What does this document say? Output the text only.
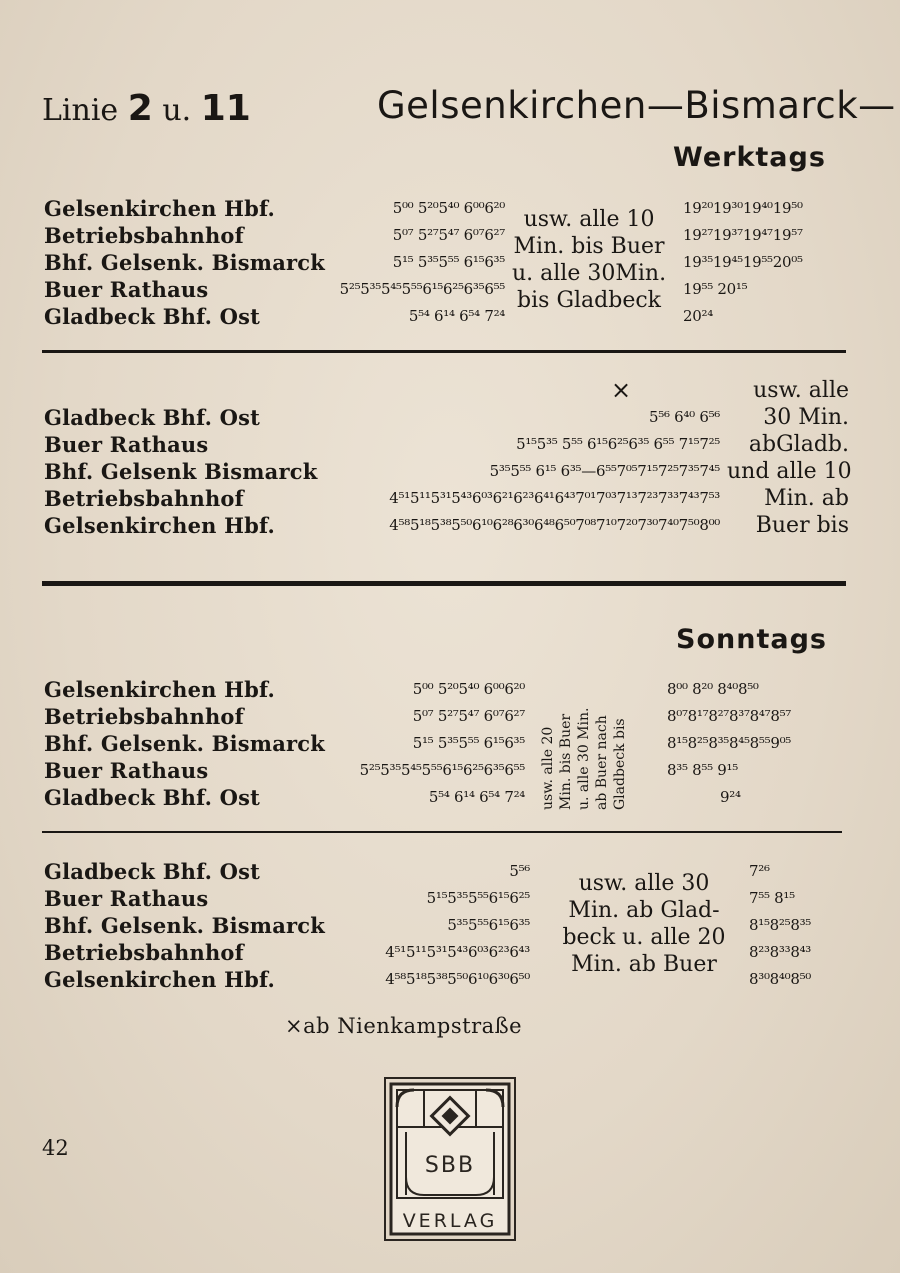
Linie 2 u. 11	Gelsenkirchen—Bismarck—
Werktags
Gelsenkirchen Hbf.
Betriebsbahnhof
Bhf. Gelsenk. Bismarck
Buer Rathaus
Gladbeck Bhf. Ost
5⁰⁰ 5²⁰5⁴⁰ 6⁰⁰6²⁰
5⁰⁷ 5²⁷5⁴⁷ 6⁰⁷6²⁷
5¹⁵ 5³⁵5⁵⁵ 6¹⁵6³⁵
5²⁵5³⁵5⁴⁵5⁵⁵6¹⁵6²⁵6³⁵6⁵⁵
5⁵⁴ 6¹⁴ 6⁵⁴ 7²⁴
usw. alle 10
Min. bis Buer
u. alle 30Min.
bis Gladbeck
19²⁰19³⁰19⁴⁰19⁵⁰
19²⁷19³⁷19⁴⁷19⁵⁷
19³⁵19⁴⁵19⁵⁵20⁰⁵
19⁵⁵ 20¹⁵
20²⁴
×
Gladbeck Bhf. Ost
Buer Rathaus
Bhf. Gelsenk Bismarck
Betriebsbahnhof
Gelsenkirchen Hbf.
5⁵⁶ 6⁴⁰ 6⁵⁶
5¹⁵5³⁵ 5⁵⁵ 6¹⁵6²⁵6³⁵ 6⁵⁵ 7¹⁵7²⁵
5³⁵5⁵⁵ 6¹⁵ 6³⁵—6⁵⁵7⁰⁵7¹⁵7²⁵7³⁵7⁴⁵
4⁵¹5¹¹5³¹5⁴³6⁰³6²¹6²³6⁴¹6⁴³7⁰¹7⁰³7¹³7²³7³³7⁴³7⁵³
4⁵⁸5¹⁸5³⁸5⁵⁰6¹⁰6²⁸6³⁰6⁴⁸6⁵⁰7⁰⁸7¹⁰7²⁰7³⁰7⁴⁰7⁵⁰8⁰⁰
usw. alle
30 Min.
abGladb.
und alle 10
Min. ab
Buer bis
Sonntags
Gelsenkirchen Hbf.
Betriebsbahnhof
Bhf. Gelsenk. Bismarck
Buer Rathaus
Gladbeck Bhf. Ost
5⁰⁰ 5²⁰5⁴⁰ 6⁰⁰6²⁰
5⁰⁷ 5²⁷5⁴⁷ 6⁰⁷6²⁷
5¹⁵ 5³⁵5⁵⁵ 6¹⁵6³⁵
5²⁵5³⁵5⁴⁵5⁵⁵6¹⁵6²⁵6³⁵6⁵⁵
5⁵⁴ 6¹⁴ 6⁵⁴ 7²⁴ usw. alle 20 Min. bis Buer u. alle 30 Min. ab Buer nach Gladbeck bis
8⁰⁰ 8²⁰ 8⁴⁰8⁵⁰
8⁰⁷8¹⁷8²⁷8³⁷8⁴⁷8⁵⁷
8¹⁵8²⁵8³⁵8⁴⁵8⁵⁵9⁰⁵
8³⁵ 8⁵⁵ 9¹⁵
9²⁴
Gladbeck Bhf. Ost
Buer Rathaus
Bhf. Gelsenk. Bismarck
Betriebsbahnhof
Gelsenkirchen Hbf.
5⁵⁶
5¹⁵5³⁵5⁵⁵6¹⁵6²⁵
5³⁵5⁵⁵6¹⁵6³⁵
4⁵¹5¹¹5³¹5⁴³6⁰³6²³6⁴³
4⁵⁸5¹⁸5³⁸5⁵⁰6¹⁰6³⁰6⁵⁰
usw. alle 30
Min. ab Glad-
beck u. alle 20
Min. ab Buer
7²⁶
7⁵⁵ 8¹⁵
8¹⁵8²⁵8³⁵
8²³8³³8⁴³
8³⁰8⁴⁰8⁵⁰
×ab Nienkampstraße
42
SBB
VERLAG
